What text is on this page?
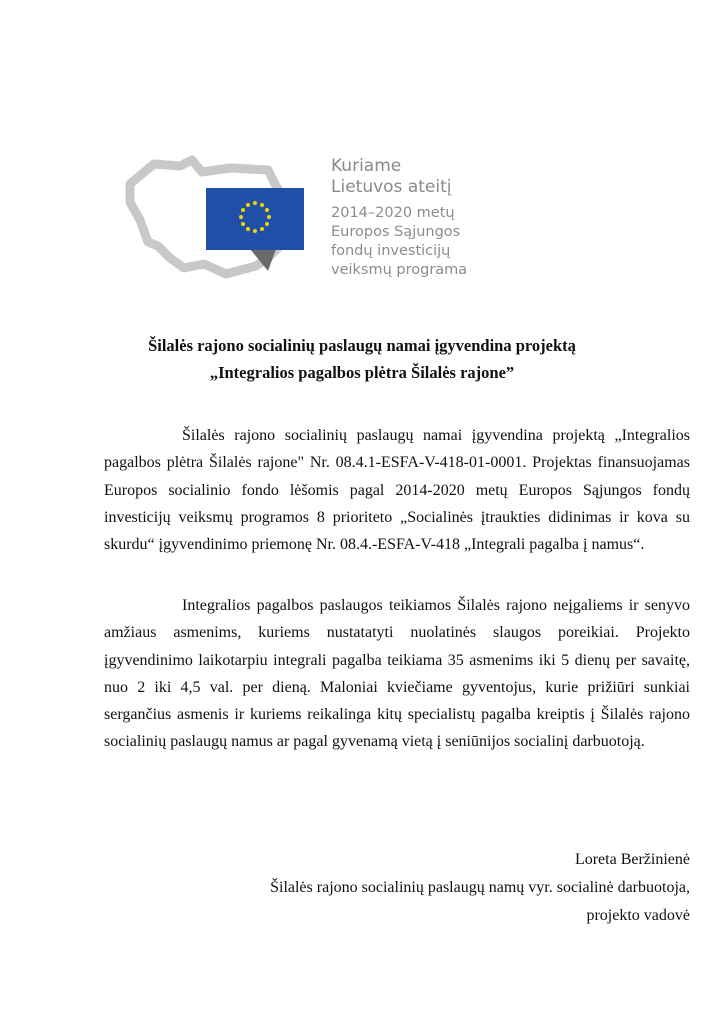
Kuriame
Lietuvos ateitį
2014–2020 metų
Europos Sąjungos
fondų investicijų
veiksmų programa
Šilalės rajono socialinių paslaugų namai įgyvendina projektą
„Integralios pagalbos plėtra Šilalės rajone”

Šilalės rajono socialinių paslaugų namai įgyvendina projektą „Integralios pagalbos plėtra Šilalės rajone" Nr. 08.4.1-ESFA-V-418-01-0001. Projektas finansuojamas Europos socialinio fondo lėšomis pagal 2014-2020 metų Europos Sąjungos fondų investicijų veiksmų programos 8 prioriteto „Socialinės įtraukties didinimas ir kova su skurdu“ įgyvendinimo priemonę Nr. 08.4.-ESFA-V-418 „Integrali pagalba į namus“.

Integralios pagalbos paslaugos teikiamos Šilalės rajono neįgaliems ir senyvo amžiaus asmenims, kuriems nustatatyti nuolatinės slaugos poreikiai. Projekto įgyvendinimo laikotarpiu integrali pagalba teikiama 35 asmenims iki 5 dienų per savaitę, nuo 2 iki 4,5 val. per dieną. Maloniai kviečiame gyventojus, kurie prižiūri sunkiai sergančius asmenis ir kuriems reikalinga kitų specialistų pagalba kreiptis į Šilalės rajono socialinių paslaugų namus ar pagal gyvenamą vietą į seniūnijos socialinį darbuotoją.

Loreta Beržinienė
Šilalės rajono socialinių paslaugų namų vyr. socialinė darbuotoja,
projekto vadovė
